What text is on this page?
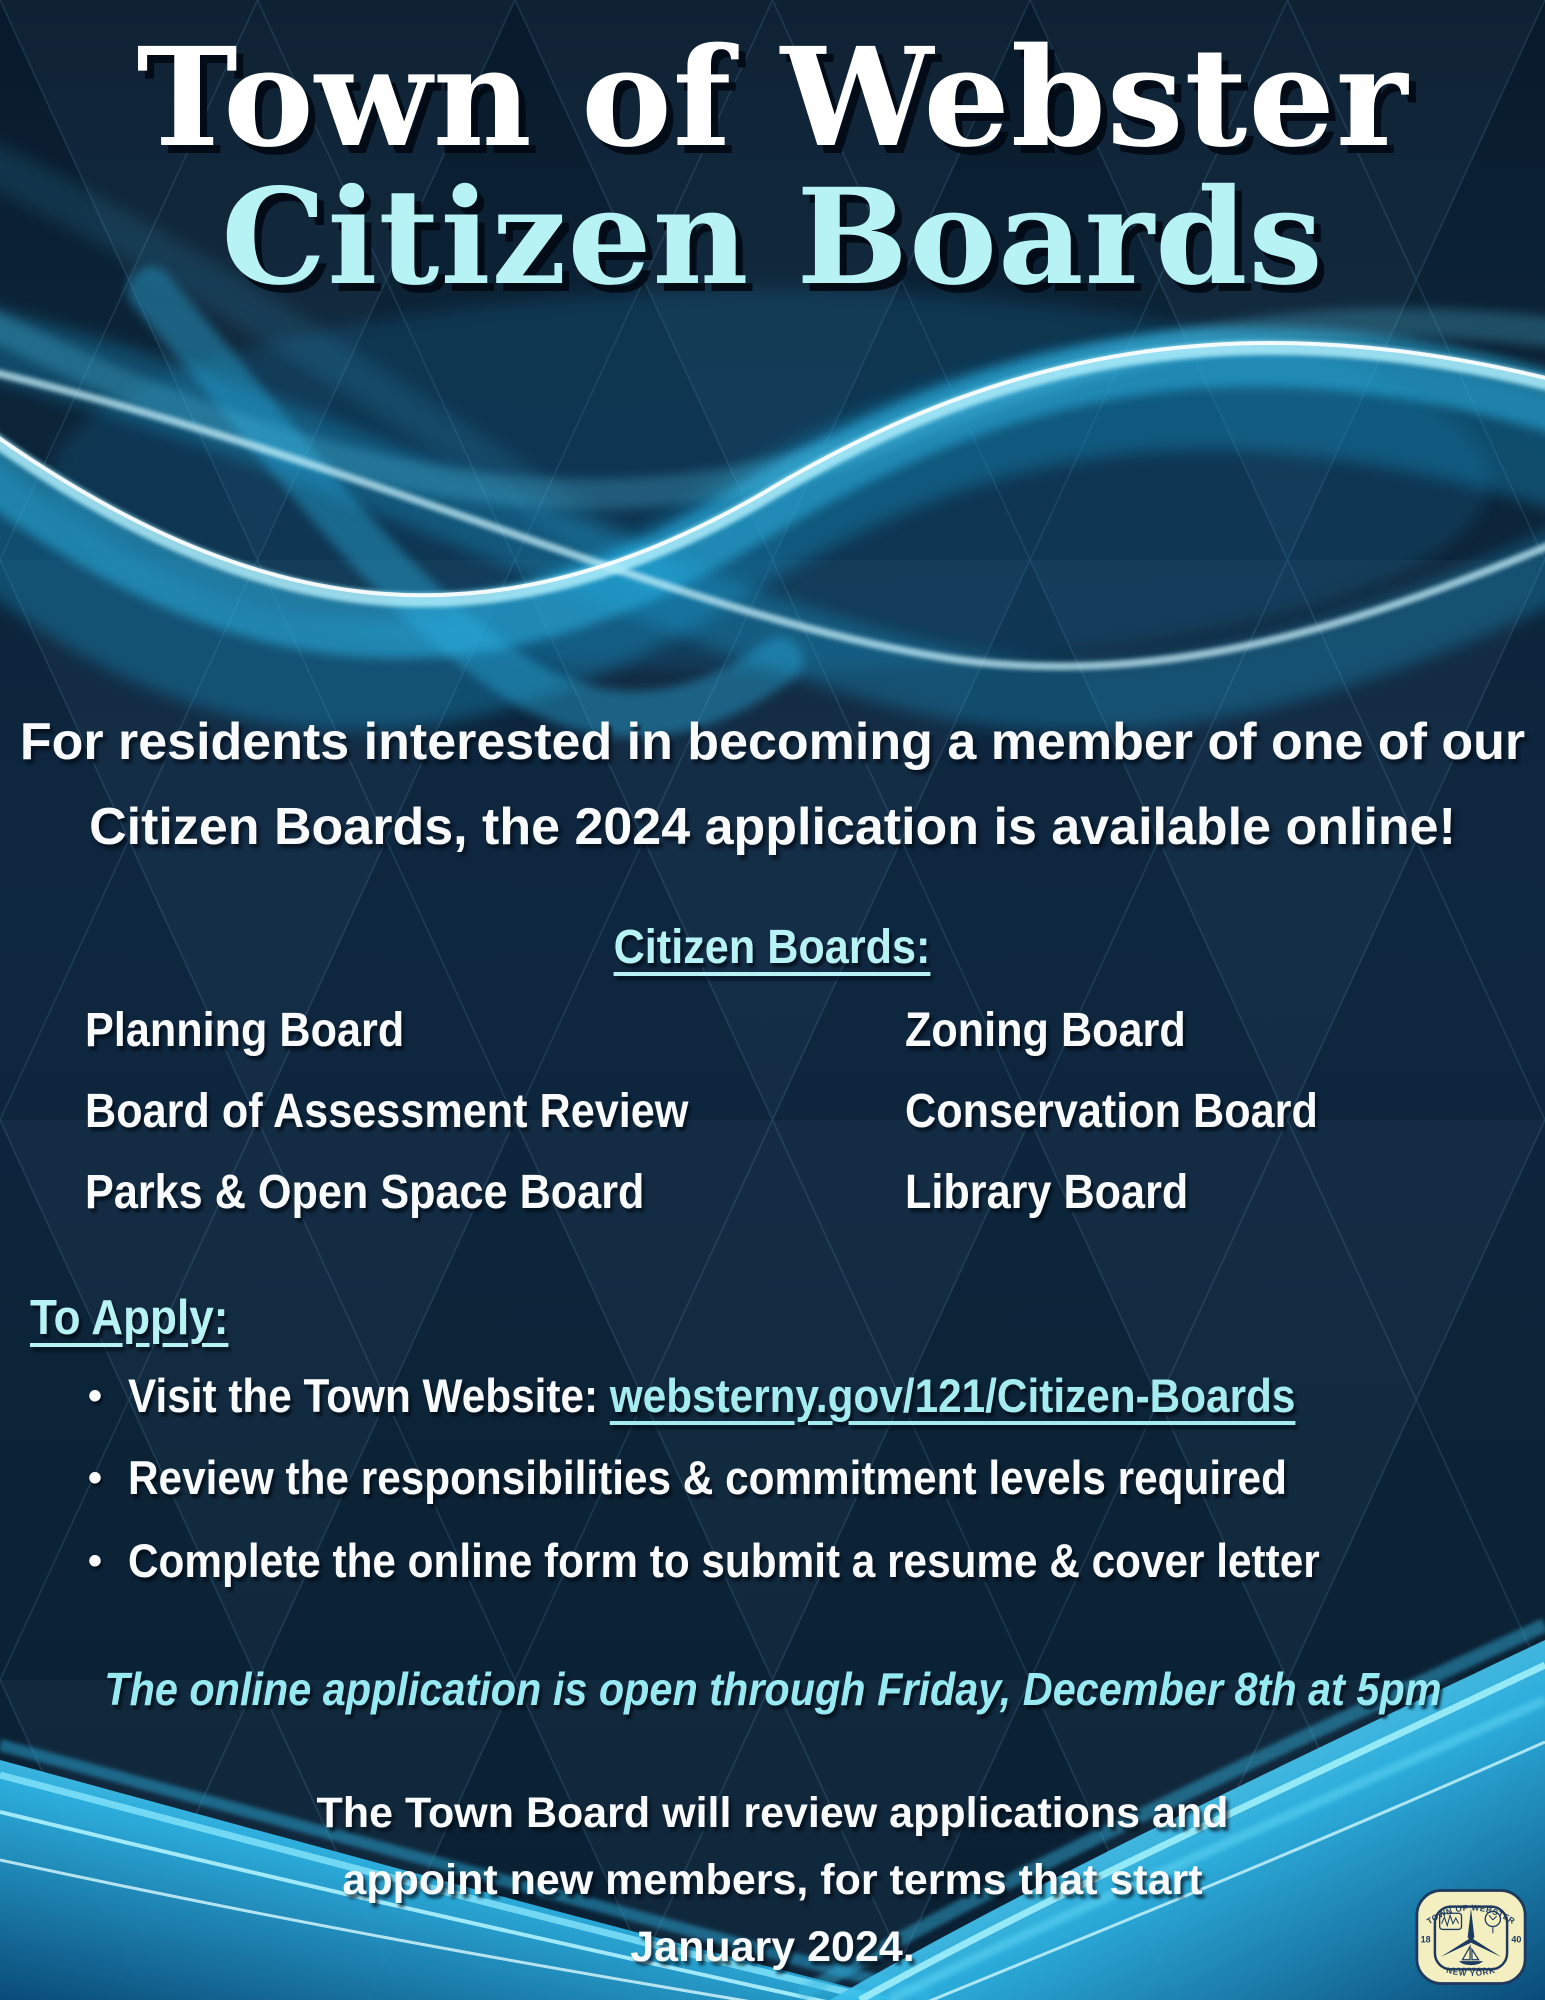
Town of Webster
Citizen Boards
For residents interested in becoming a member of one of our
Citizen Boards, the 2024 application is available online!
Citizen Boards:
Planning Board
Board of Assessment Review
Parks & Open Space Board
Zoning Board
Conservation Board
Library Board
To Apply:
• Visit the Town Website: websterny.gov/121/Citizen-Boards
• Review the responsibilities & commitment levels required
• Complete the online form to submit a resume & cover letter
The online application is open through Friday, December 8th at 5pm
The Town Board will review applications and
appoint new members, for terms that start
January 2024.
TOWN OF WEBSTER
NEW YORK
18	40
